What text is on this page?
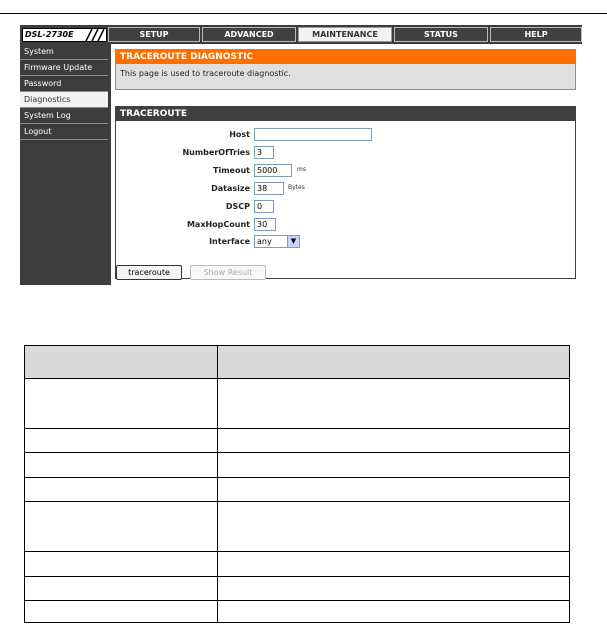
DSL-2730E	SETUP	ADVANCED	MAINTENANCE	STATUS	HELP
System
Firmware Update
Password
Diagnostics
System Log
Logout
TRACEROUTE DIAGNOSTIC
This page is used to traceroute diagnostic.
TRACEROUTE
Host
NumberOfTries 3
Timeout 5000	ms
Datasize 38	Bytes
DSCP 0
MaxHopCount 30
Interface any	▼
traceroute	Show Result
